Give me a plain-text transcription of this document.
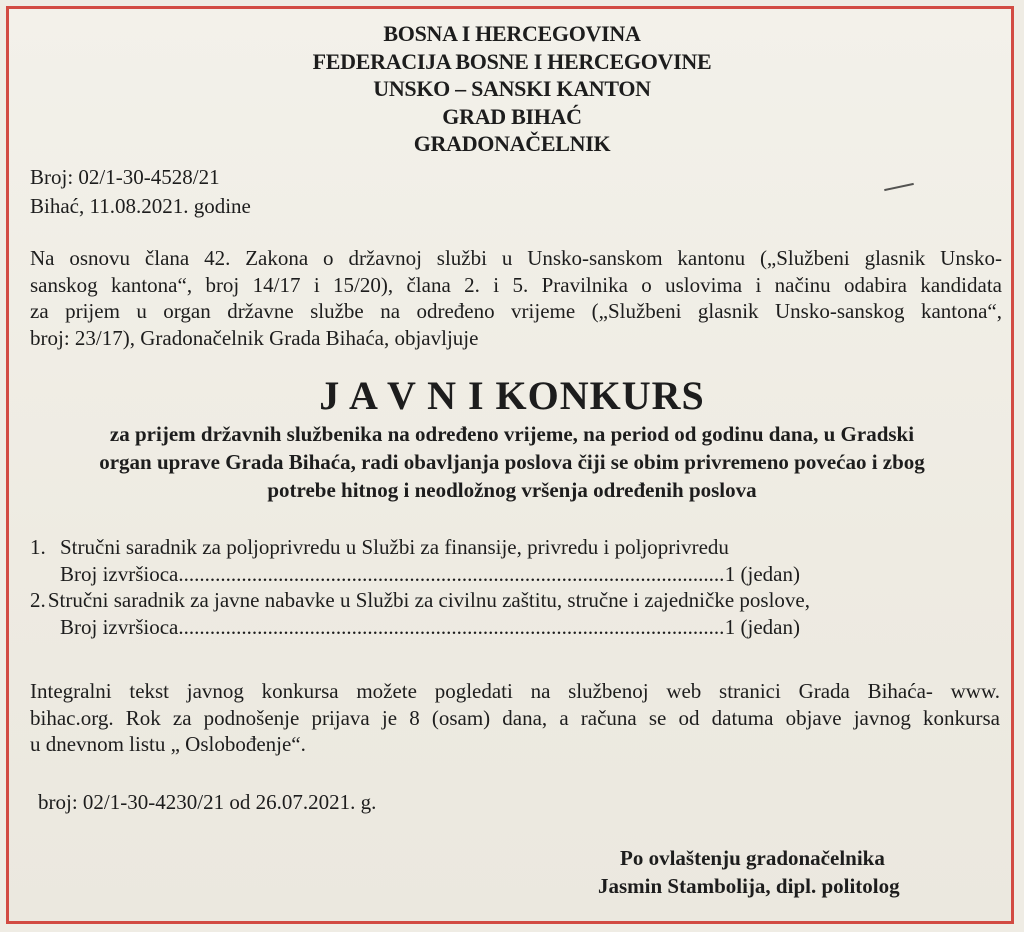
BOSNA I HERCEGOVINA
FEDERACIJA BOSNE I HERCEGOVINE
UNSKO – SANSKI KANTON
GRAD BIHAĆ
GRADONAČELNIK
Broj: 02/1-30-4528/21
Bihać, 11.08.2021. godine
Na osnovu člana 42. Zakona o državnoj službi u Unsko-sanskom kantonu („Službeni glasnik Unsko-
sanskog kantona“, broj 14/17 i 15/20), člana 2. i 5. Pravilnika o uslovima i načinu odabira kandidata
za prijem u organ državne službe na određeno vrijeme („Službeni glasnik Unsko-sanskog kantona“,
broj: 23/17), Gradonačelnik Grada Bihaća, objavljuje
J A V N I KONKURS
za prijem državnih službenika na određeno vrijeme, na period od godinu dana, u Gradski
organ uprave Grada Bihaća, radi obavljanja poslova čiji se obim privremeno povećao i zbog
potrebe hitnog i neodložnog vršenja određenih poslova
1. Stručni saradnik za poljoprivredu u Službi za finansije, privredu i poljoprivredu
Broj izvršioca .....	1 (jedan)
2. Stručni saradnik za javne nabavke u Službi za civilnu zaštitu, stručne i zajedničke poslove,
Broj izvršioca .....	1 (jedan)
Integralni tekst javnog konkursa možete pogledati na službenoj web stranici Grada Bihaća- www.
bihac.org. Rok za podnošenje prijava je 8 (osam) dana, a računa se od datuma objave javnog konkursa
u dnevnom listu „ Oslobođenje“.
broj: 02/1-30-4230/21 od 26.07.2021. g.
Po ovlaštenju gradonačelnika
Jasmin Stambolija, dipl. politolog
